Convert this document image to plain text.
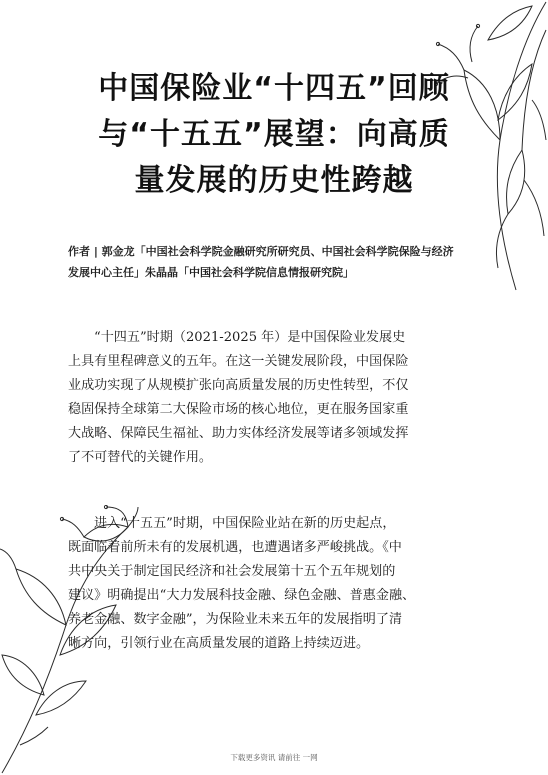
中国保险业“十四五”回顾
与“十五五”展望：向高质
量发展的历史性跨越

作者 | 郭金龙「中国社会科学院金融研究所研究员、中国社会科学院保险与经济
发展中心主任」朱晶晶「中国社会科学院信息情报研究院」

“十四五”时期（2021-2025 年）是中国保险业发展史
上具有里程碑意义的五年。在这一关键发展阶段，中国保险
业成功实现了从规模扩张向高质量发展的历史性转型，不仅
稳固保持全球第二大保险市场的核心地位，更在服务国家重
大战略、保障民生福祉、助力实体经济发展等诸多领域发挥
了不可替代的关键作用。

进入“十五五”时期，中国保险业站在新的历史起点，
既面临着前所未有的发展机遇，也遭遇诸多严峻挑战。《中
共中央关于制定国民经济和社会发展第十五个五年规划的
建议》明确提出“大力发展科技金融、绿色金融、普惠金融、
养老金融、数字金融”，为保险业未来五年的发展指明了清
晰方向，引领行业在高质量发展的道路上持续迈进。

下载更多资讯 请前往 一网
